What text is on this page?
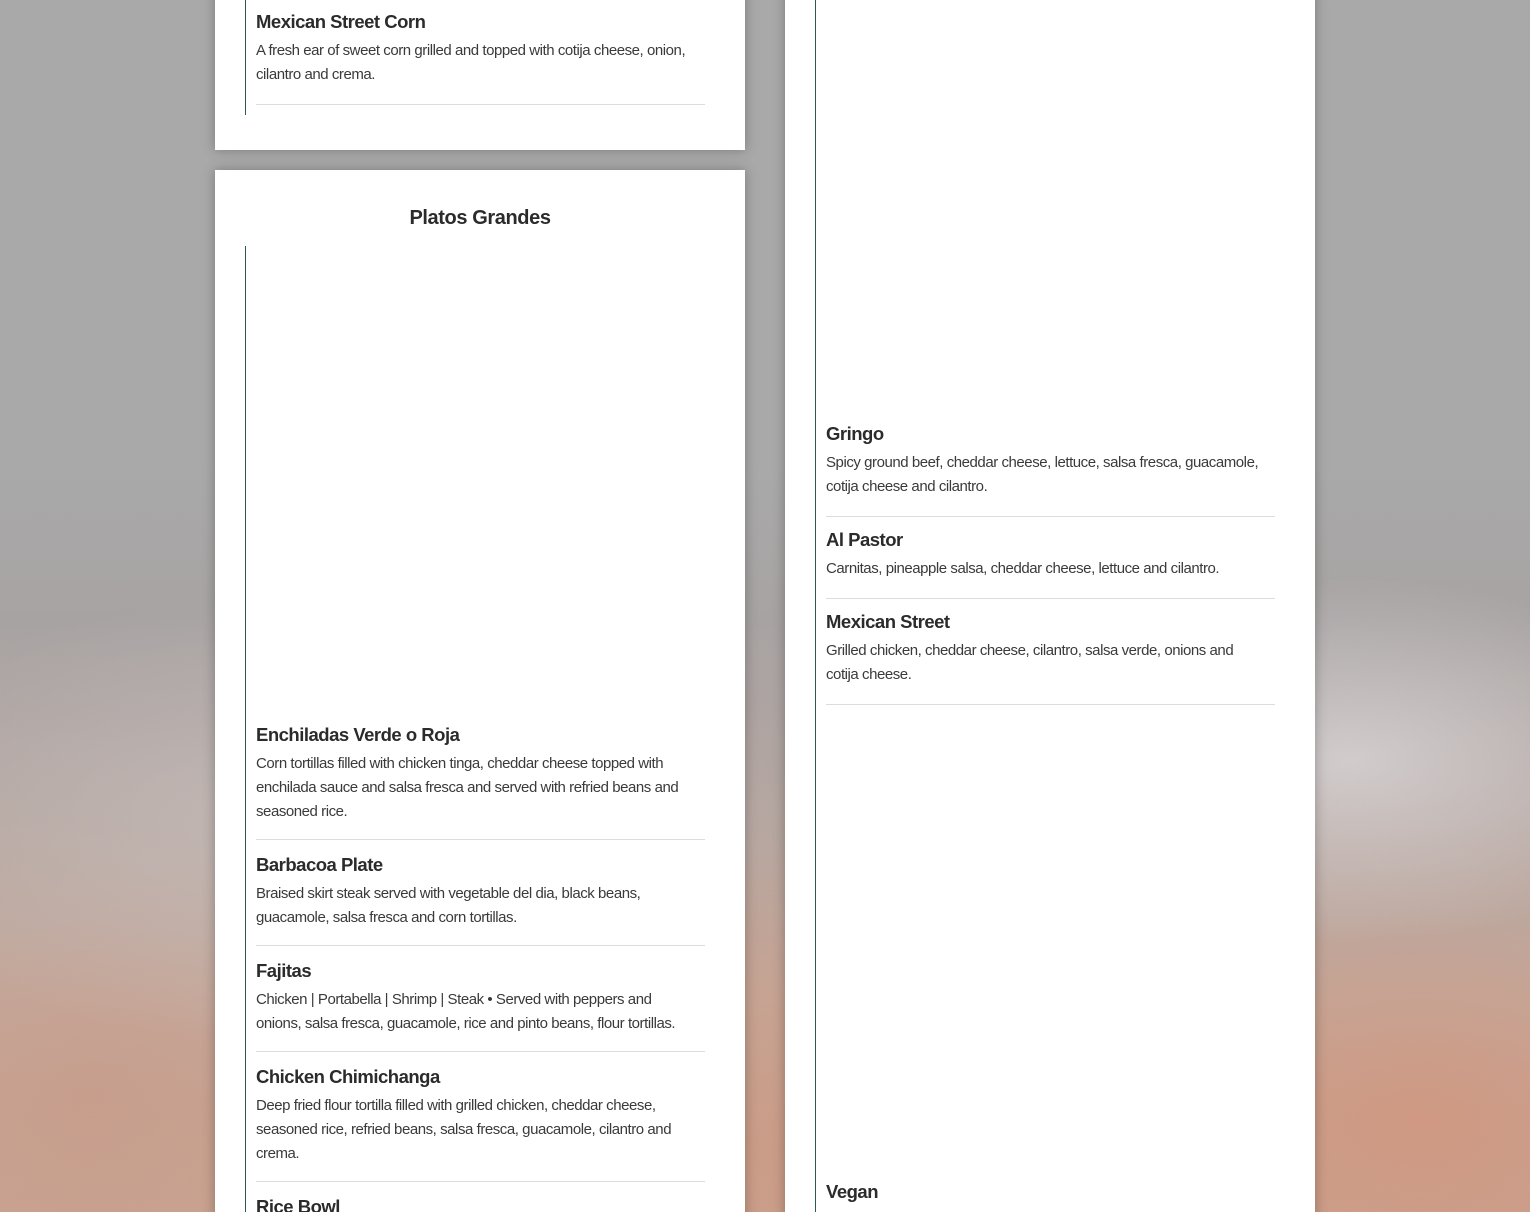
Mexican Street Corn

A fresh ear of sweet corn grilled and topped with cotija cheese, onion, cilantro and crema.

Platos Grandes

Enchiladas Verde o Roja

Corn tortillas filled with chicken tinga, cheddar cheese topped with enchilada sauce and salsa fresca and served with refried beans and seasoned rice.

Barbacoa Plate

Braised skirt steak served with vegetable del dia, black beans, guacamole, salsa fresca and corn tortillas.

Fajitas

Chicken | Portabella | Shrimp | Steak • Served with peppers and onions, salsa fresca, guacamole, rice and pinto beans, flour tortillas.

Chicken Chimichanga

Deep fried flour tortilla filled with grilled chicken, cheddar cheese, seasoned rice, refried beans, salsa fresca, guacamole, cilantro and crema.

Rice Bowl

Gringo

Spicy ground beef, cheddar cheese, lettuce, salsa fresca, guacamole, cotija cheese and cilantro.

Al Pastor

Carnitas, pineapple salsa, cheddar cheese, lettuce and cilantro.

Mexican Street

Grilled chicken, cheddar cheese, cilantro, salsa verde, onions and cotija cheese.

Vegan
